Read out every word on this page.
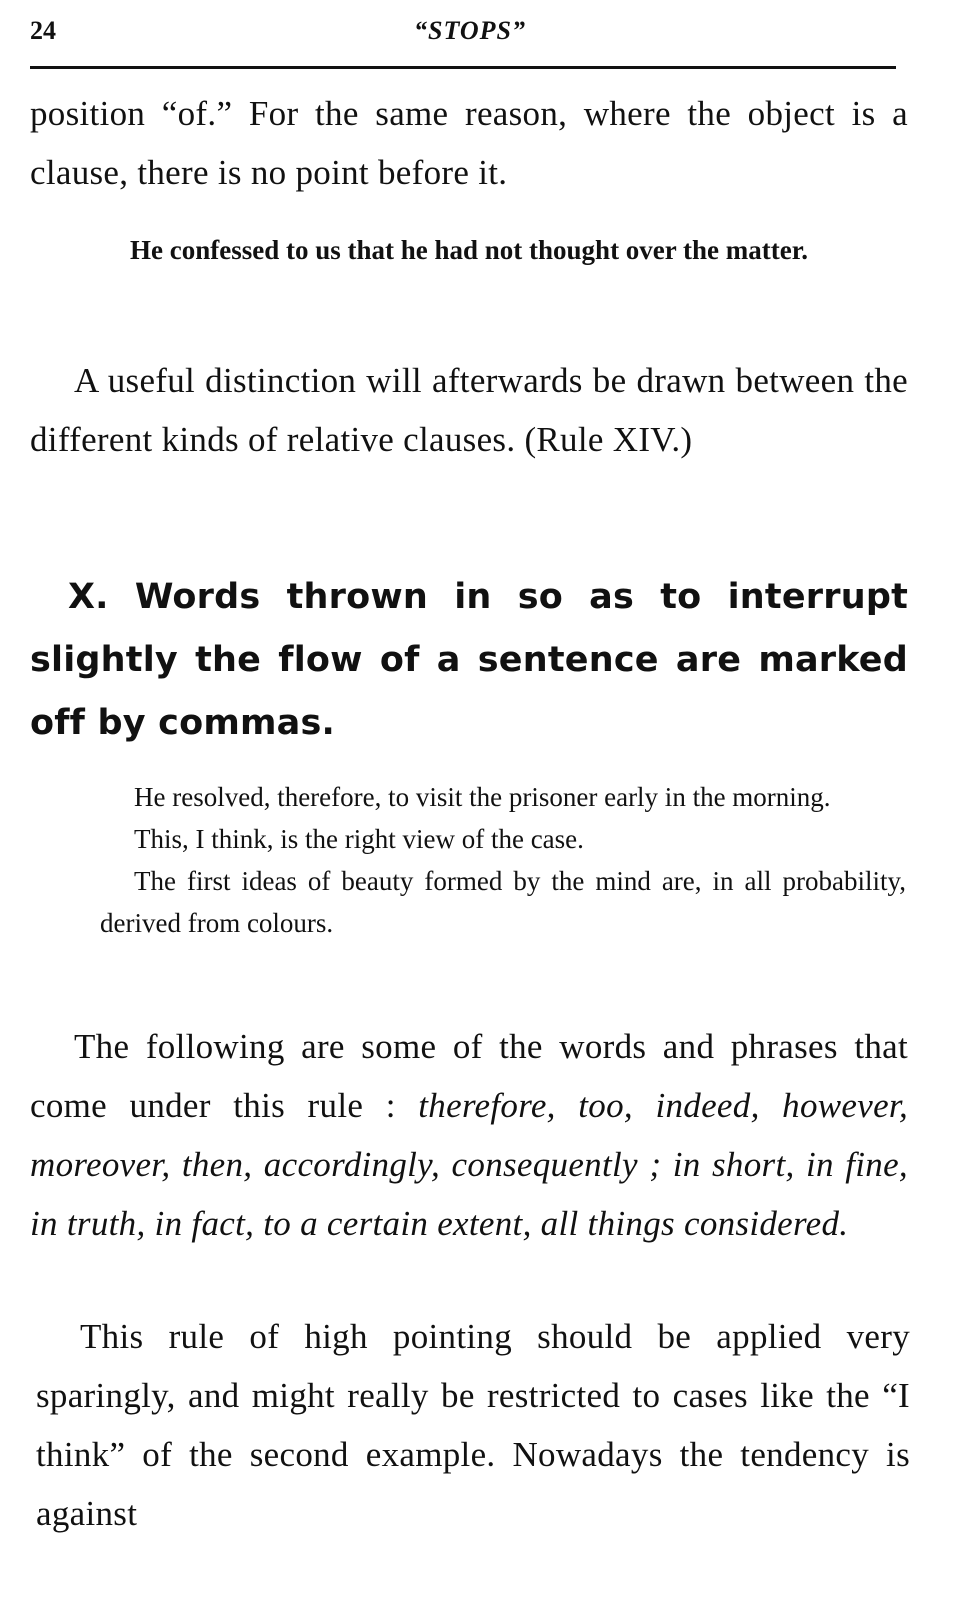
24	“STOPS”

position “of.” For the same reason, where the object is a clause, there is no point before it.

He confessed to us that he had not thought over the matter.

A useful distinction will afterwards be drawn between the different kinds of relative clauses. (Rule XIV.)

X. Words thrown in so as to interrupt slightly the flow of a sentence are marked off by commas.

He resolved, therefore, to visit the prisoner early in the morning.

This, I think, is the right view of the case.

The first ideas of beauty formed by the mind are, in all probability, derived from colours.

The following are some of the words and phrases that come under this rule : therefore, too, indeed, however, moreover, then, accordingly, consequently ; in short, in fine, in truth, in fact, to a certain extent, all things considered.

This rule of high pointing should be applied very sparingly, and might really be restricted to cases like the “I think” of the second example. Nowadays the tendency is against
